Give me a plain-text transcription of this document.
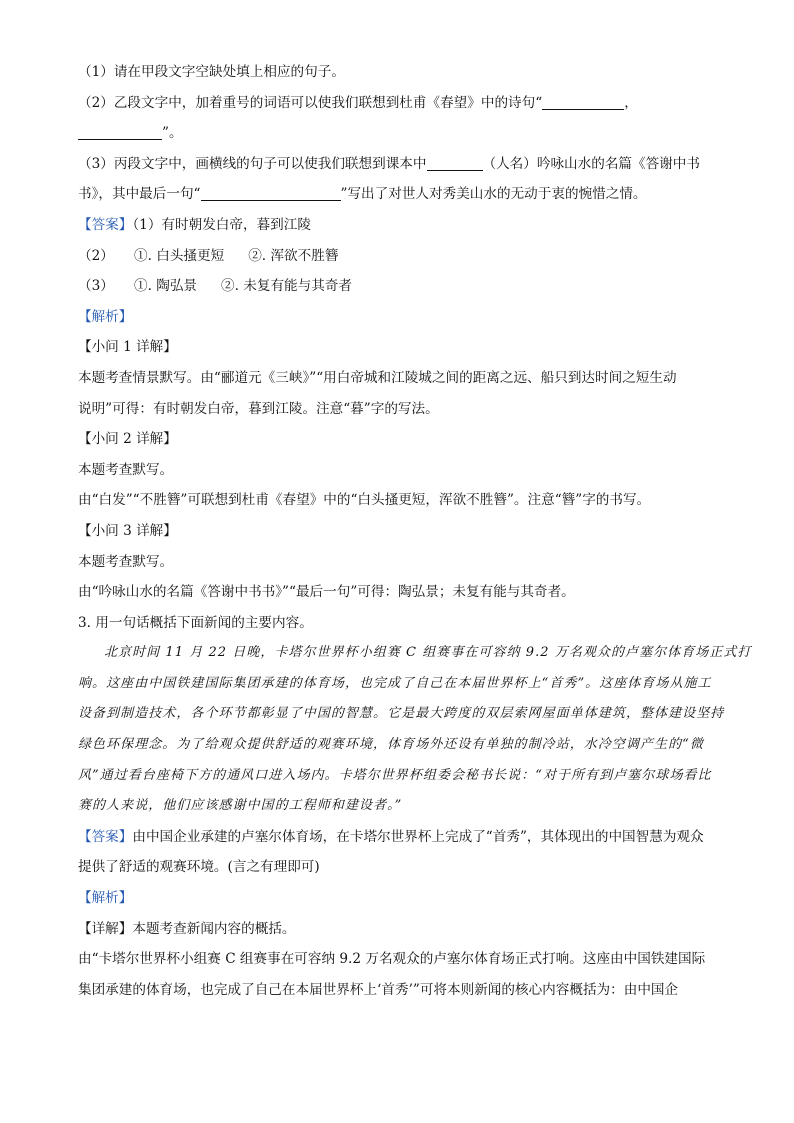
（1）请在甲段文字空缺处填上相应的句子。
（2）乙段文字中，加着重号的词语可以使我们联想到杜甫《春望》中的诗句“	，
”。
（3）丙段文字中，画横线的句子可以使我们联想到课本中	（人名）吟咏山水的名篇《答谢中书
书》，其中最后一句“	”写出了对世人对秀美山水的无动于衷的惋惜之情。
【答案】（1）有时朝发白帝，暮到江陵
（2） ①. 白头搔更短 ②. 浑欲不胜簪
（3） ①. 陶弘景 ②. 未复有能与其奇者
【解析】
【小问 1 详解】
本题考查情景默写。由“郦道元《三峡》”“用白帝城和江陵城之间的距离之远、船只到达时间之短生动
说明”可得：有时朝发白帝，暮到江陵。注意“暮”字的写法。
【小问 2 详解】
本题考查默写。
由“白发”“不胜簪”可联想到杜甫《春望》中的“白头搔更短，浑欲不胜簪”。注意“簪”字的书写。
【小问 3 详解】
本题考查默写。
由“吟咏山水的名篇《答谢中书书》”“最后一句”可得：陶弘景；未复有能与其奇者。
3. 用一句话概括下面新闻的主要内容。
北京时间 11 月 22 日晚，卡塔尔世界杯小组赛 C 组赛事在可容纳 9.2 万名观众的卢塞尔体育场正式打
响。这座由中国铁建国际集团承建的体育场，也完成了自己在本届世界杯上“首秀”。这座体育场从施工
设备到制造技术，各个环节都彰显了中国的智慧。它是最大跨度的双层索网屋面单体建筑，整体建设坚持
绿色环保理念。为了给观众提供舒适的观赛环境，体育场外还设有单独的制冷站，水冷空调产生的“微
风”通过看台座椅下方的通风口进入场内。卡塔尔世界杯组委会秘书长说：“对于所有到卢塞尔球场看比
赛的人来说，他们应该感谢中国的工程师和建设者。”
【答案】由中国企业承建的卢塞尔体育场，在卡塔尔世界杯上完成了“首秀”，其体现出的中国智慧为观众
提供了舒适的观赛环境。(言之有理即可)
【解析】
【详解】本题考查新闻内容的概括。
由“卡塔尔世界杯小组赛 C 组赛事在可容纳 9.2 万名观众的卢塞尔体育场正式打响。这座由中国铁建国际
集团承建的体育场，也完成了自己在本届世界杯上‘首秀’”可将本则新闻的核心内容概括为：由中国企
